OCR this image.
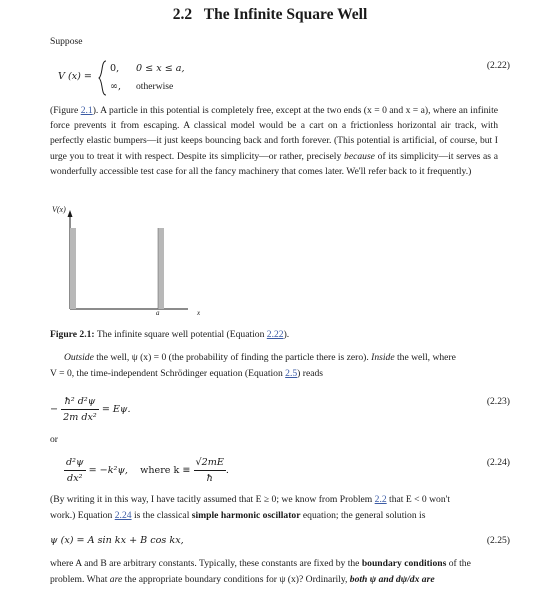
2.2 The Infinite Square Well
Suppose
V (x) =
0, 0 ≤ x ≤ a,
∞, otherwise
(2.22)
(Figure 2.1). A particle in this potential is completely free, except at the two ends (x = 0 and x = a), where an infinite force prevents it from escaping. A classical model would be a cart on a frictionless horizontal air track, with perfectly elastic bumpers—it just keeps bouncing back and forth forever. (This potential is artificial, of course, but I urge you to treat it with respect. Despite its simplicity—or rather, precisely because of its simplicity—it serves as a wonderfully accessible test case for all the fancy machinery that comes later. We'll refer back to it frequently.)
V(x)
a	x
Figure 2.1: The infinite square well potential (Equation 2.22).
Outside the well, ψ (x) = 0 (the probability of finding the particle there is zero). Inside the well, where
V = 0, the time-independent Schrödinger equation (Equation 2.5) reads
− $\frac{\text{ħ² d²ψ}}{\text{2m dx²}} = E\psi$.
(2.23)
or
$\frac{\text{d²ψ}}{\text{dx²}} = -k^2\psi$, where $k \equiv \frac{√2mE}{ħ}$ .
(2.24)
(By writing it in this way, I have tacitly assumed that E ≥ 0; we know from Problem 2.2 that E < 0 won't
work.) Equation 2.24 is the classical simple harmonic oscillator equation; the general solution is
ψ (x) = A sin kx + B cos kx,	(2.25)
where A and B are arbitrary constants. Typically, these constants are fixed by the boundary conditions of the
problem. What are the appropriate boundary conditions for ψ (x)? Ordinarily, both ψ and dψ/dx are
